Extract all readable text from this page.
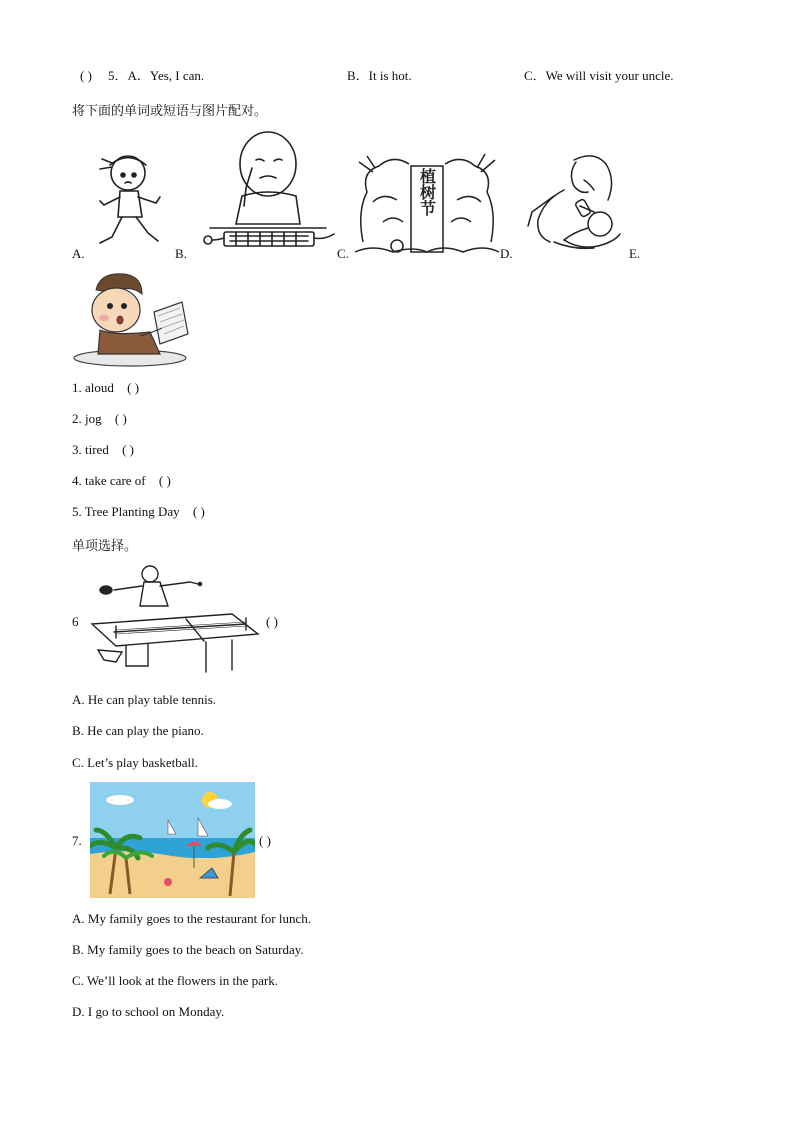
( ) 5．A．Yes, I can.	B．It is hot.	C．We will visit your uncle.
将下面的单词或短语与图片配对。
A.	B.
植树节
C.	D.	E.
1. aloud ( )
2. jog ( )
3. tired ( )
4. take care of ( )
5. Tree Planting Day ( )
单项选择。
6	( )
A. He can play table tennis.
B. He can play the piano.
C. Let’s play basketball.
7.	( )
A. My family goes to the restaurant for lunch.
B. My family goes to the beach on Saturday.
C. We’ll look at the flowers in the park.
D. I go to school on Monday.
